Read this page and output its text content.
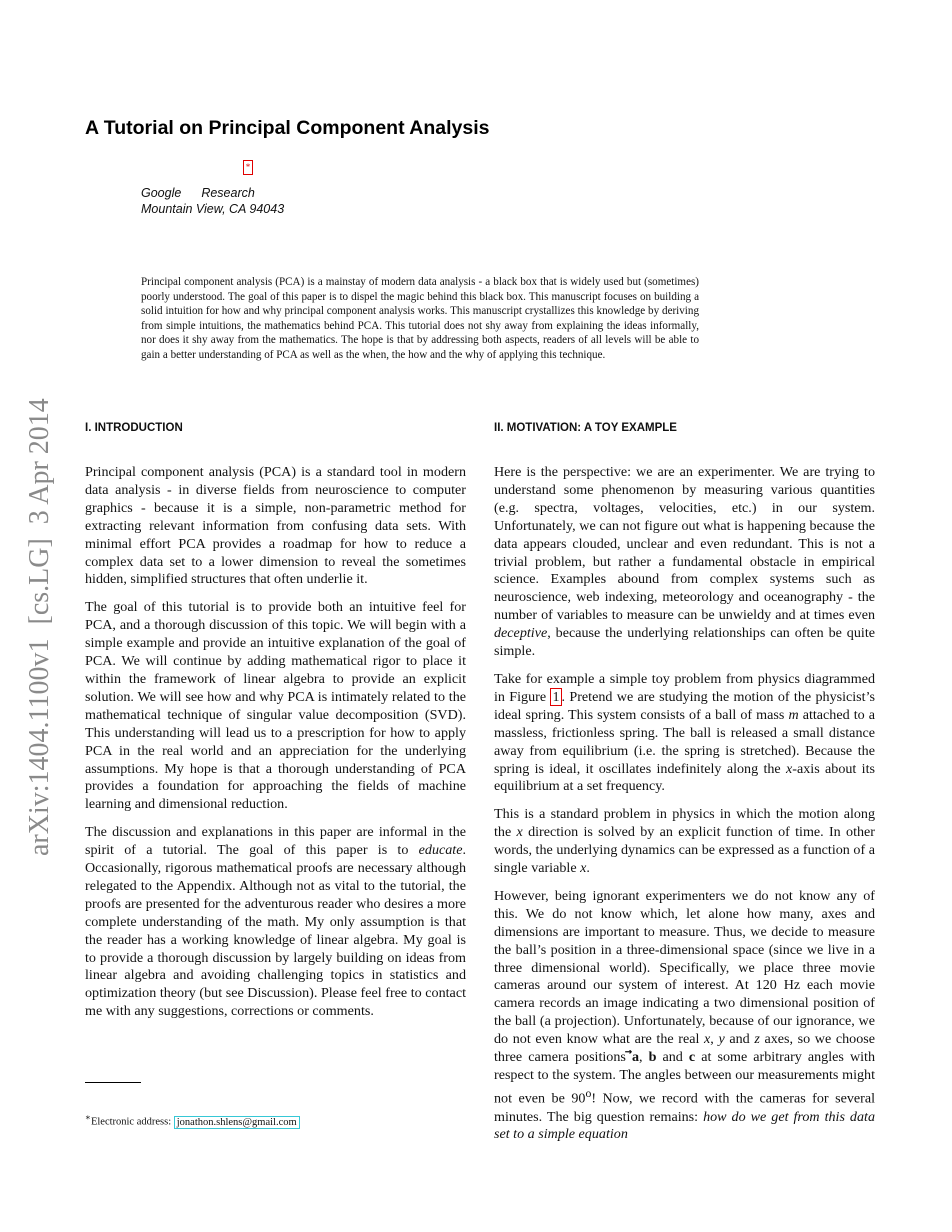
arXiv:1404.1100v1  [cs.LG]  3 Apr 2014
A Tutorial on Principal Component Analysis
*
Google Research
Mountain View, CA 94043

Principal component analysis (PCA) is a mainstay of modern data analysis - a black box that is widely used but (sometimes) poorly understood. The goal of this paper is to dispel the magic behind this black box. This manuscript focuses on building a solid intuition for how and why principal component analysis works. This manuscript crystallizes this knowledge by deriving from simple intuitions, the mathematics behind PCA. This tutorial does not shy away from explaining the ideas informally, nor does it shy away from the mathematics. The hope is that by addressing both aspects, readers of all levels will be able to gain a better understanding of PCA as well as the when, the how and the why of applying this technique.

I. INTRODUCTION

Principal component analysis (PCA) is a standard tool in modern data analysis - in diverse fields from neuroscience to computer graphics - because it is a simple, non-parametric method for extracting relevant information from confusing data sets. With minimal effort PCA provides a roadmap for how to reduce a complex data set to a lower dimension to reveal the sometimes hidden, simplified structures that often underlie it.

The goal of this tutorial is to provide both an intuitive feel for PCA, and a thorough discussion of this topic. We will begin with a simple example and provide an intuitive explanation of the goal of PCA. We will continue by adding mathematical rigor to place it within the framework of linear algebra to provide an explicit solution. We will see how and why PCA is intimately related to the mathematical technique of singular value decomposition (SVD). This understanding will lead us to a prescription for how to apply PCA in the real world and an appreciation for the underlying assumptions. My hope is that a thorough understanding of PCA provides a foundation for approaching the fields of machine learning and dimensional reduction.

The discussion and explanations in this paper are informal in the spirit of a tutorial. The goal of this paper is to educate. Occasionally, rigorous mathematical proofs are necessary although relegated to the Appendix. Although not as vital to the tutorial, the proofs are presented for the adventurous reader who desires a more complete understanding of the math. My only assumption is that the reader has a working knowledge of linear algebra. My goal is to provide a thorough discussion by largely building on ideas from linear algebra and avoiding challenging topics in statistics and optimization theory (but see Discussion). Please feel free to contact me with any suggestions, corrections or comments.

II. MOTIVATION: A TOY EXAMPLE

Here is the perspective: we are an experimenter. We are trying to understand some phenomenon by measuring various quantities (e.g. spectra, voltages, velocities, etc.) in our system. Unfortunately, we can not figure out what is happening because the data appears clouded, unclear and even redundant. This is not a trivial problem, but rather a fundamental obstacle in empirical science. Examples abound from complex systems such as neuroscience, web indexing, meteorology and oceanography - the number of variables to measure can be unwieldy and at times even deceptive, because the underlying relationships can often be quite simple.

Take for example a simple toy problem from physics diagrammed in Figure 1 . Pretend we are studying the motion of the physicist’s ideal spring. This system consists of a ball of mass m attached to a massless, frictionless spring. The ball is released a small distance away from equilibrium (i.e. the spring is stretched). Because the spring is ideal, it oscillates indefinitely along the x-axis about its equilibrium at a set frequency.

This is a standard problem in physics in which the motion along the x direction is solved by an explicit function of time. In other words, the underlying dynamics can be expressed as a function of a single variable x.

However, being ignorant experimenters we do not know any of this. We do not know which, let alone how many, axes and dimensions are important to measure. Thus, we decide to measure the ball’s position in a three-dimensional space (since we live in a three dimensional world). Specifically, we place three movie cameras around our system of interest. At 120 Hz each movie camera records an image indicating a two dimensional position of the ball (a projection). Unfortunately, because of our ignorance, we do not even know what are the real x, y and z axes, so we choose three camera positions a, b and c at some arbitrary angles with respect to the system. The angles between our measurements might not even be 90$^o$! Now, we record with the cameras for several minutes. The big question remains: how do we get from this data set to a simple equation

∗Electronic address: jonathon.shlens@gmail.com
